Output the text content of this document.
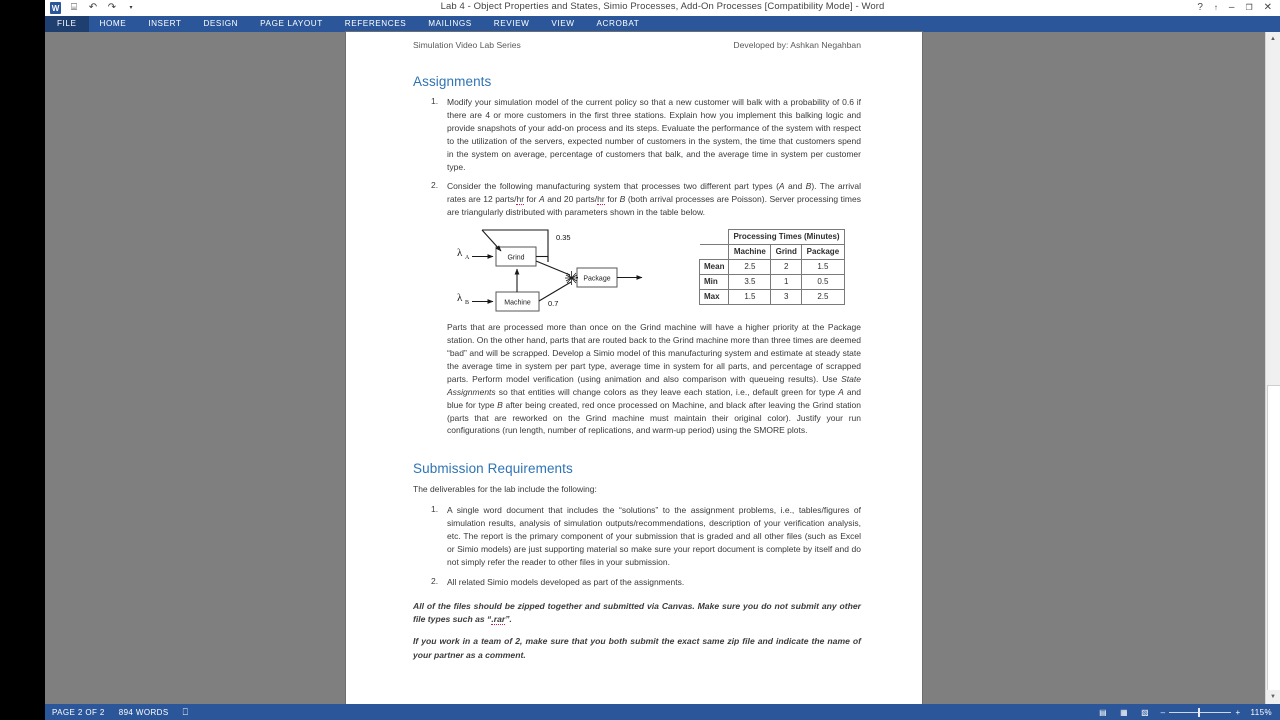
W	⌸	↶ ↷	▾	Lab 4 - Object Properties and States, Simio Processes, Add-On Processes [Compatibility Mode] - Word	? ↑ – ❐ ✕
FILE	HOME	INSERT	DESIGN	PAGE LAYOUT	REFERENCES	MAILINGS	REVIEW	VIEW	ACROBAT
Simulation Video Lab Series	Developed by: Ashkan Negahban
Assignments
1. Modify your simulation model of the current policy so that a new customer will balk with a probability of 0.6 if there are 4 or more customers in the first three stations. Explain how you implement this balking logic and provide snapshots of your add-on process and its steps. Evaluate the performance of the system with respect to the utilization of the servers, expected number of customers in the system, the time that customers spend in the system on average, percentage of customers that balk, and the average time in system per customer type.
2. Consider the following manufacturing system that processes two different part types (A and B). The arrival rates are 12 parts/hr for A and 20 parts/hr for B (both arrival processes are Poisson). Server processing times are triangularly distributed with parameters shown in the table below.
Grind
Machine
Package
λ A
λ B
0.35
0.7
	Processing Times (Minutes)		
	Machine	Grind	Package
Mean	2.5	2	1.5
Min	3.5	1	0.5
Max	1.5	3	2.5
Parts that are processed more than once on the Grind machine will have a higher priority at the Package station. On the other hand, parts that are routed back to the Grind machine more than three times are deemed “bad” and will be scrapped. Develop a Simio model of this manufacturing system and estimate at steady state the average time in system per part type, average time in system for all parts, and percentage of scrapped parts. Perform model verification (using animation and also comparison with queueing results). Use State Assignments so that entities will change colors as they leave each station, i.e., default green for type A and blue for type B after being created, red once processed on Machine, and black after leaving the Grind station (parts that are reworked on the Grind machine must maintain their original color). Justify your run configurations (run length, number of replications, and warm-up period) using the SMORE plots.
Submission Requirements
The deliverables for the lab include the following:
1. A single word document that includes the “solutions” to the assignment problems, i.e., tables/figures of simulation results, analysis of simulation outputs/recommendations, description of your verification analysis, etc. The report is the primary component of your submission that is graded and all other files (such as Excel or Simio models) are just supporting material so make sure your report document is complete by itself and do not simply refer the reader to other files in your submission.
2. All related Simio models developed as part of the assignments.
All of the files should be zipped together and submitted via Canvas. Make sure you do not submit any other file types such as “.rar”.
If you work in a team of 2, make sure that you both submit the exact same zip file and indicate the name of your partner as a comment.
▲
▼
PAGE 2 OF 2 894 WORDS ⎕	▤ ▦ ▧ –	+ 115%
